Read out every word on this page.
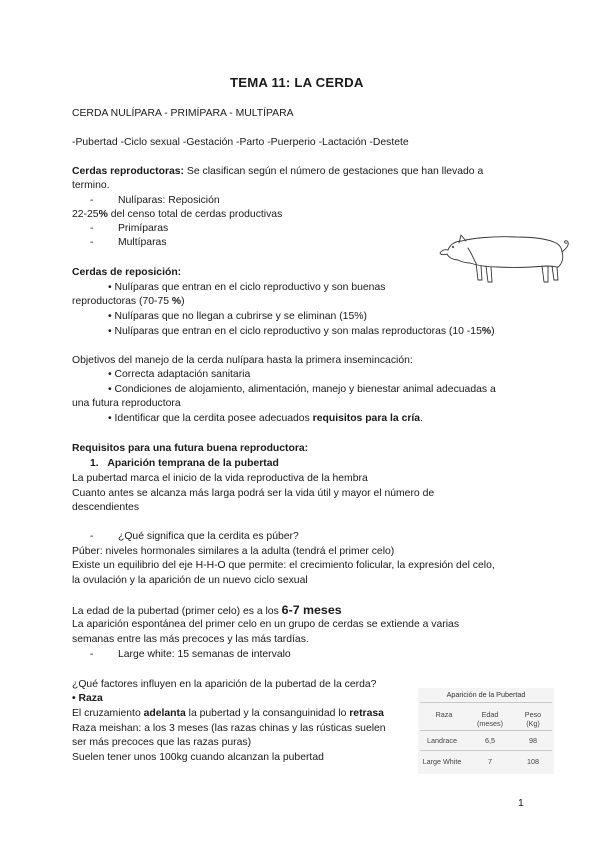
TEMA 11: LA CERDA
CERDA NULÍPARA - PRIMÍPARA - MULTÍPARA
-Pubertad -Ciclo sexual -Gestación -Parto -Puerperio -Lactación -Destete
Cerdas reproductoras: Se clasifican según el número de gestaciones que han llevado a
termino.
- Nulíparas: Reposición
22-25% del censo total de cerdas productivas
- Primíparas
- Multíparas
Cerdas de reposición:
• Nulíparas que entran en el ciclo reproductivo y son buenas
reproductoras (70-75 %)
• Nulíparas que no llegan a cubrirse y se eliminan (15%)
• Nulíparas que entran en el ciclo reproductivo y son malas reproductoras (10 -15%)
Objetivos del manejo de la cerda nulípara hasta la primera insemincación:
• Correcta adaptación sanitaria
• Condiciones de alojamiento, alimentación, manejo y bienestar animal adecuadas a
una futura reproductora
• Identificar que la cerdita posee adecuados requisitos para la cría.
Requisitos para una futura buena reproductora:
1. Aparición temprana de la pubertad
La pubertad marca el inicio de la vida reproductiva de la hembra
Cuanto antes se alcanza más larga podrá ser la vida útil y mayor el número de
descendientes
- ¿Qué significa que la cerdita es púber?
Púber: niveles hormonales similares a la adulta (tendrá el primer celo)
Existe un equilibrio del eje H-H-O que permite: el crecimiento folicular, la expresión del celo,
la ovulación y la aparición de un nuevo ciclo sexual
La edad de la pubertad (primer celo) es a los 6-7 meses
La aparición espontánea del primer celo en un grupo de cerdas se extiende a varias
semanas entre las más precoces y las más tardías.
- Large white: 15 semanas de intervalo
¿Qué factores influyen en la aparición de la pubertad de la cerda?
• Raza
El cruzamiento adelanta la pubertad y la consanguinidad lo retrasa
Raza meishan: a los 3 meses (las razas chinas y las rústicas suelen
ser más precoces que las razas puras)
Suelen tener unos 100kg cuando alcanzan la pubertad
Aparición de la Pubertad
Raza	Edad
(meses)
Peso
(Kg)
Landrace	6,5	98
Large White	7	108
1
